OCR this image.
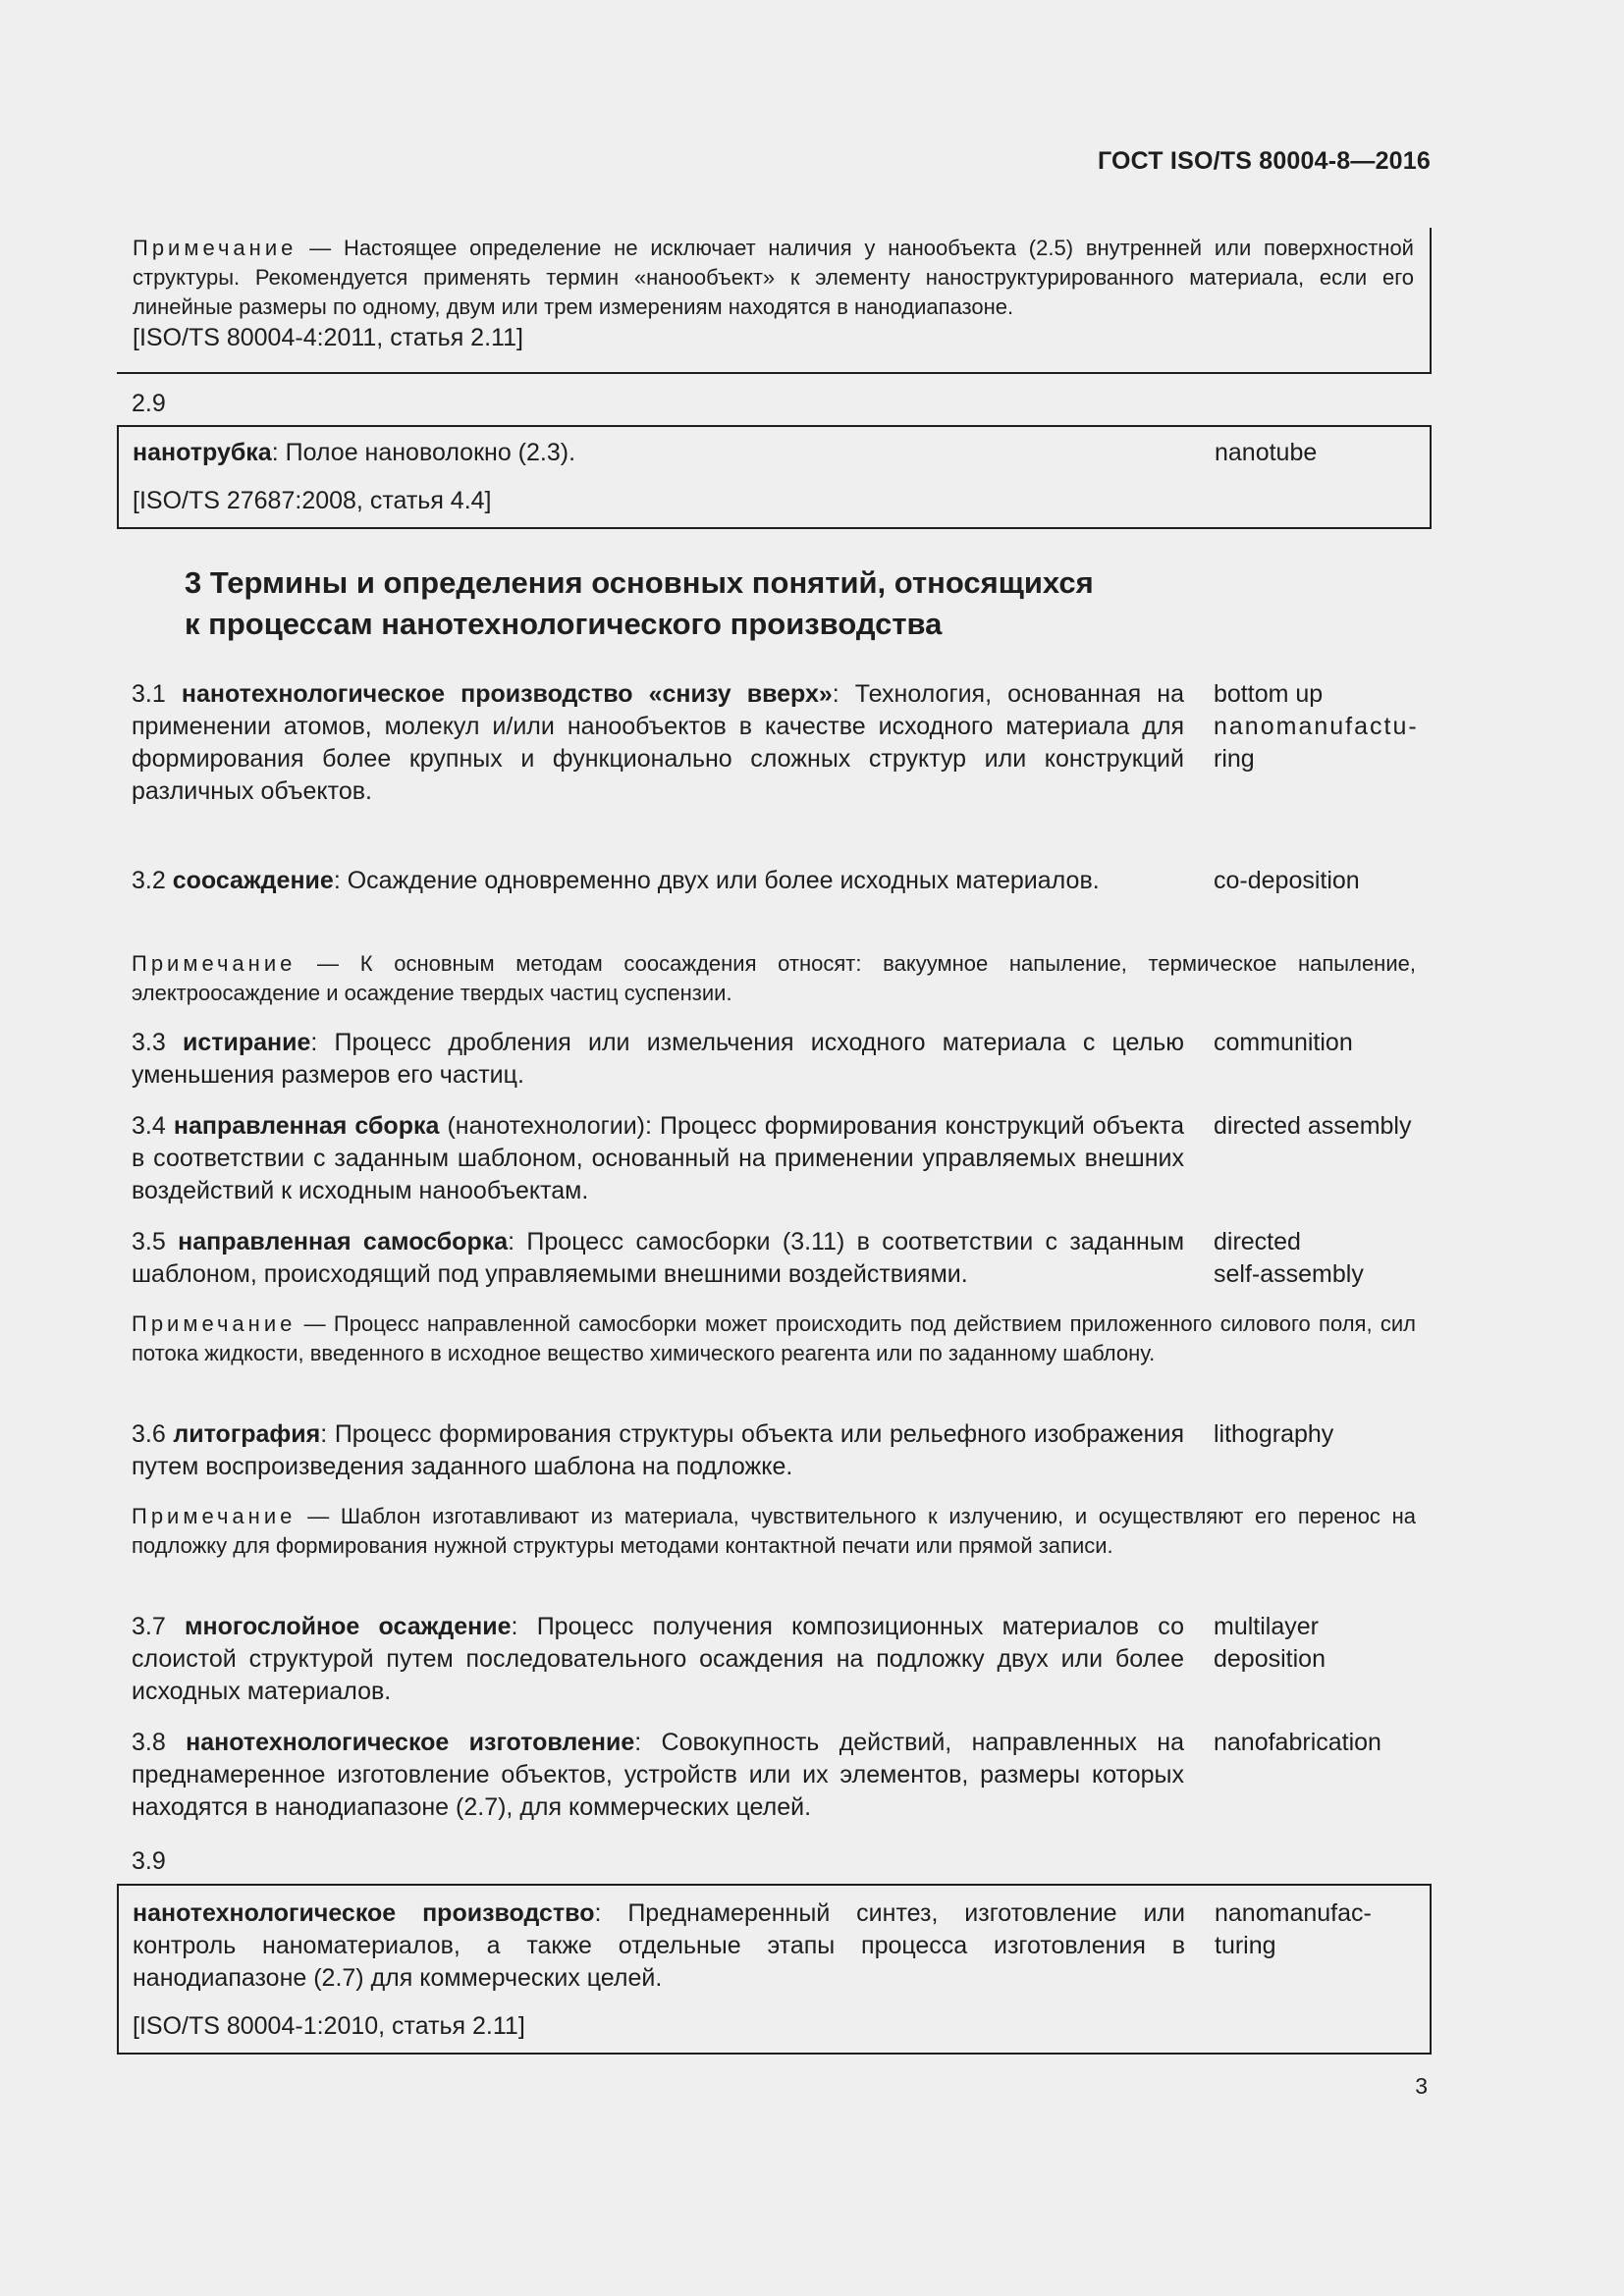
ГОСТ ISO/TS 80004-8—2016
Примечание — Настоящее определение не исключает наличия у нанообъекта (2.5) внутренней или поверхностной структуры. Рекомендуется применять термин «нанообъект» к элементу наноструктурированного материала, если его линейные размеры по одному, двум или трем измерениям находятся в нанодиапазоне.
[ISO/TS 80004-4:2011, статья 2.11]
2.9
нанотрубка: Полое нановолокно (2.3).	nanotube
[ISO/TS 27687:2008, статья 4.4]
3 Термины и определения основных понятий, относящихся
к процессам нанотехнологического производства
3.1 нанотехнологическое производство «снизу вверх»: Технология, основанная на применении атомов, молекул и/или нанообъектов в качестве исходного материала для формирования более крупных и функционально сложных структур или конструкций различных объектов.
bottom up
nanomanufactu-
ring
3.2 соосаждение: Осаждение одновременно двух или более исходных материалов.	co-deposition
Примечание — К основным методам соосаждения относят: вакуумное напыление, термическое напыление, электроосаждение и осаждение твердых частиц суспензии.
3.3 истирание: Процесс дробления или измельчения исходного материала с целью уменьшения размеров его частиц.
communition
3.4 направленная сборка (нанотехнологии): Процесс формирования конструкций объекта в соответствии с заданным шаблоном, основанный на применении управляемых внешних воздействий к исходным нанообъектам.
directed assembly
3.5 направленная самосборка: Процесс самосборки (3.11) в соответствии с заданным шаблоном, происходящий под управляемыми внешними воздействиями.
directed
self-assembly
Примечание — Процесс направленной самосборки может происходить под действием приложенного силового поля, сил потока жидкости, введенного в исходное вещество химического реагента или по заданному шаблону.
3.6 литография: Процесс формирования структуры объекта или рельефного изображения путем воспроизведения заданного шаблона на подложке.
lithography
Примечание — Шаблон изготавливают из материала, чувствительного к излучению, и осуществляют его перенос на подложку для формирования нужной структуры методами контактной печати или прямой записи.
3.7 многослойное осаждение: Процесс получения композиционных материалов со слоистой структурой путем последовательного осаждения на подложку двух или более исходных материалов.
multilayer
deposition
3.8 нанотехнологическое изготовление: Совокупность действий, направленных на преднамеренное изготовление объектов, устройств или их элементов, размеры которых находятся в нанодиапазоне (2.7), для коммерческих целей.
nanofabrication
3.9
нанотехнологическое производство: Преднамеренный синтез, изготовление или контроль наноматериалов, а также отдельные этапы процесса изготовления в нанодиапазоне (2.7) для коммерческих целей.
nanomanufac-
turing
[ISO/TS 80004-1:2010, статья 2.11]
3
